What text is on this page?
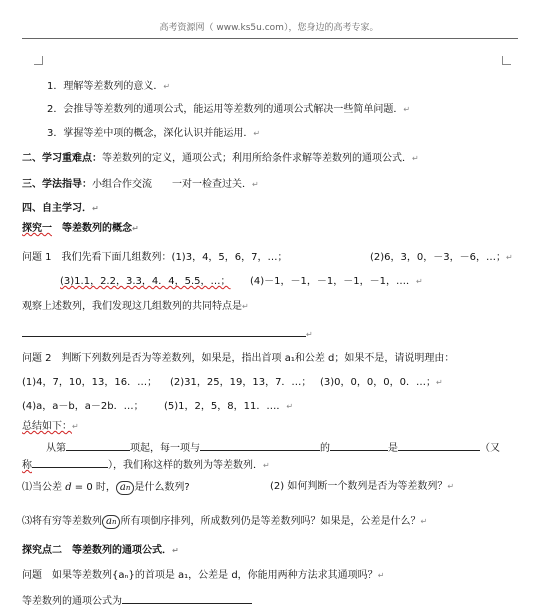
高考资源网（ www.ks5u.com），您身边的高考专家。
1．理解等差数列的意义．↵
2．会推导等差数列的通项公式，能运用等差数列的通项公式解决一些简单问题．↵
3．掌握等差中项的概念，深化认识并能运用．↵
二、学习重难点：等差数列的定义，通项公式；利用所给条件求解等差数列的通项公式．↵
三、学法指导：小组合作交流　　一对一检查过关．↵
四、自主学习．↵
探究一　等差数列的概念↵
问题 1　我们先看下面几组数列：(1)3，4，5，6，7，…；	(2)6，3，0，－3，－6，…；↵
(3)1.1，2.2，3.3，4．4，5.5，…； (4)－1，－1，－1，－1，－1，…．↵
观察上述数列，我们发现这几组数列的共同特点是↵
↵
问题 2　判断下列数列是否为等差数列，如果是，指出首项 a₁和公差 d；如果不是，请说明理由：
(1)4，7，10，13，16．…； (2)31，25，19，13，7．…； (3)0，0，0，0，0．…；↵
(4)a，a－b，a－2b．…； (5)1，2，5，8，11．…．↵
总结如下：↵
从第	项起，每一项与	的	是	（又
称	），我们称这样的数列为等差数列．↵
⑴当公差 d = 0 时， an 是什么数列?	(2) 如何判断一个数列是否为等差数列？↵
⑶将有穷等差数列 an 所有项倒序排列，所成数列仍是等差数列吗？如果是，公差是什么？↵
探究点二　等差数列的通项公式．↵
问题　如果等差数列{aₙ}的首项是 a₁，公差是 d，你能用两种方法求其通项吗？↵
等差数列的通项公式为
